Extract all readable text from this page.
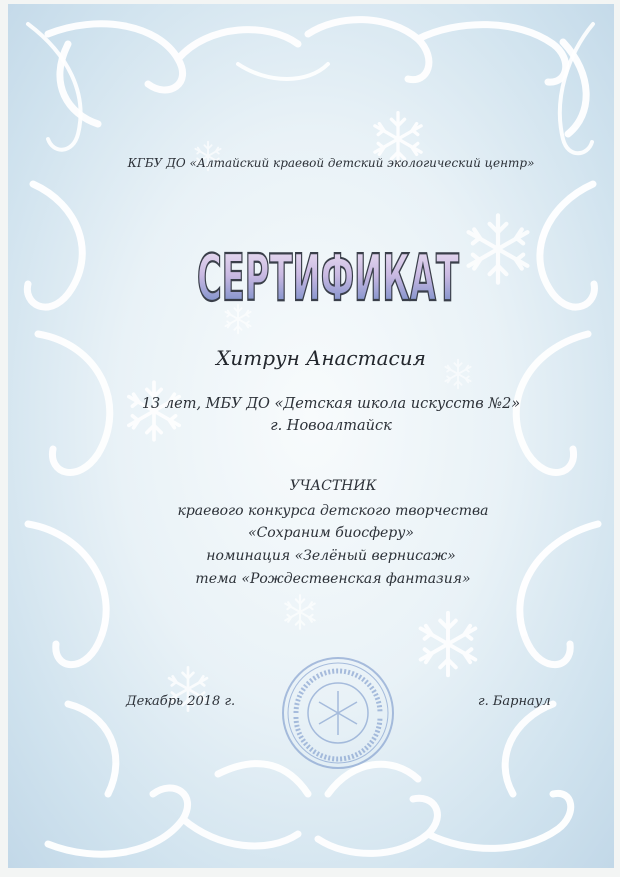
КГБУ ДО «Алтайский краевой детский экологический центр»
СЕРТИФИКАТ
Хитрун Анастасия
13 лет, МБУ ДО «Детская школа искусств №2»
г. Новоалтайск
УЧАСТНИК
краевого конкурса детского творчества
«Сохраним биосферу»
номинация «Зелёный вернисаж»
тема «Рождественская фантазия»
Декабрь 2018 г.	г. Барнаул
